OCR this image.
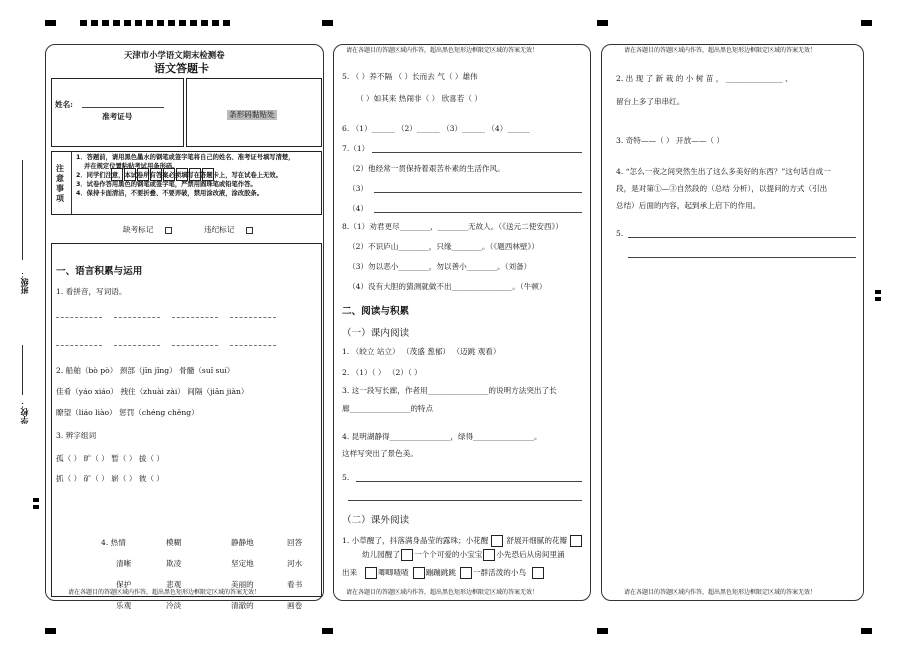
班级：
学校：
天津市小学语文期末检测卷
语文答题卡
姓名:
准考证号	条形码黏贴处
注意事项
1．答题前，请用黑色墨水的钢笔或签字笔将自己的姓名、准考证号填写清楚，
并在规定位置粘贴考试用条形码。
2．同学们注意，本试卷所有答案必须填写在答题卡上，写在试卷上无效。
3．试卷作答用黑色的钢笔或签字笔，严禁用圆珠笔或铅笔作答。
4．保持卡面清洁，不要折叠、不要弄破，禁用涂改液，涂改胶条。
缺考标记	违纪标记
一、语言积累与运用
1. 看拼音，写词语。
2. 船舶（bò pò） 颈部（jīn jǐng） 骨髓（suǐ suí）
佳肴（yáo xiáo） 拽住（zhuài zài） 间隔（jiān jiàn）
瞭望（liáo liào） 惩罚（chéng chěng）
3. 辨字组词
孤（ ） 旷（ ） 暂（ ） 拔（ ）
抓（ ） 矿（ ） 崭（ ） 彼（ ）
4. 热情	模糊	静静地	回答
清晰	欺凌	坚定地	河水
保护	悲观	美丽的	看书
乐观	冷淡	清澈的	画卷
请在各题目的答题区域内作答，超出黑色矩形边框限定区域的答案无效！
5. （ ）养不隔 （ ）长而去 气（ ）雄伟
（ ）如其来 热闹非（ ） 欣喜若（ ）
6. （1）______ （2）______ （3）______ （4）______
7.（1）
（2）他经常一贯保持着艰苦朴素的生活作风。
（3）
（4）
8.（1）劝君更尽________，________无故人。（《送元二使安西》）
（2）不识庐山________，只缘________。（《题西林壁》）
（3）勿以恶小________，勿以善小________。（刘备）
（4）没有大胆的猜测就做不出________________。（牛顿）
二、阅读与积累
（一）课内阅读
1. （皎立 站立） （茂盛 葱郁） （迈跳 观看）
2. （1）（ ） （2）（ ）
3. 这一段写长廊，作者用________________的说明方法突出了长
廊________________的特点
4. 昆明湖静得________________，绿得________________。
这样写突出了景色美。
5.
（二）课外阅读
1. 小草醒了，抖落满身晶莹的露珠；小花醒 舒展开细腻的花瓣
幼儿园醒了 一个个可爱的小宝宝 小先恐后从房间里涌
出来	唧唧喳喳 蹦蹦跳跳 一群活泼的小鸟
请在各题目的答题区域内作答，超出黑色矩形边框限定区域的答案无效！
请在各题目的答题区域内作答，超出黑色矩形边框限定区域的答案无效！
2. 出 现 了 新 栽 的 小 树 苗 ， _______________ 、
留台上多了串串红。
3. 奇特——（ ） 开放——（ ）
4. “怎么一夜之间突然生出了这么多美好的东西？”这句话自成一
段，是对第①—③自然段的（总结 分析），以提问的方式（引出
总结）后面的内容，起到承上启下的作用。
5.
请在各题目的答题区域内作答，超出黑色矩形边框限定区域的答案无效！
请在各题目的答题区域内作答，超出黑色矩形边框限定区域的答案无效！
